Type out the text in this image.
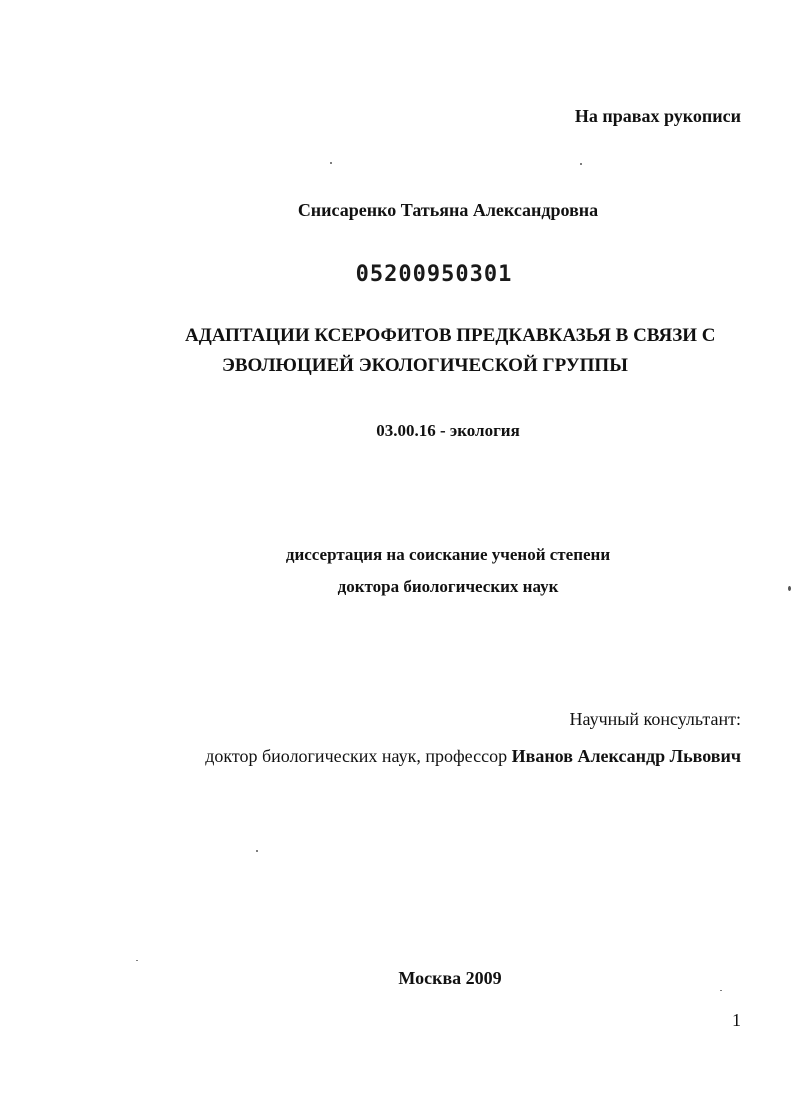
На правах рукописи
Снисаренко Татьяна Александровна
05200950301
АДАПТАЦИИ КСЕРОФИТОВ ПРЕДКАВКАЗЬЯ В СВЯЗИ С
ЭВОЛЮЦИЕЙ ЭКОЛОГИЧЕСКОЙ ГРУППЫ
03.00.16 - экология
диссертация на соискание ученой степени
доктора биологических наук
Научный консультант:
доктор биологических наук, профессор Иванов Александр Львович
Москва 2009
1
